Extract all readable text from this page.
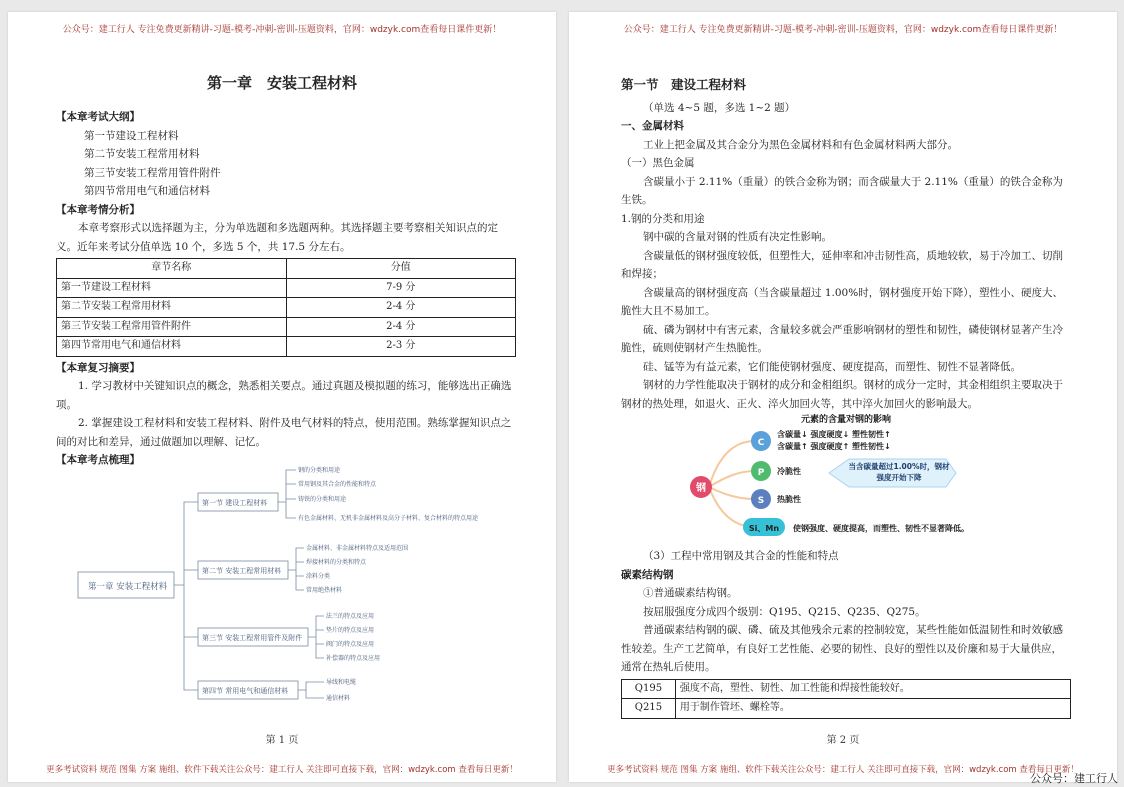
公众号：建工行人 专注免费更新精讲-习题-模考-冲刺-密训-压题资料，官网：wdzyk.com查看每日课件更新！
第一章　安装工程材料
【本章考试大纲】
第一节建设工程材料
第二节安装工程常用材料
第三节安装工程常用管件附件
第四节常用电气和通信材料
【本章考情分析】
本章考察形式以选择题为主，分为单选题和多选题两种。其选择题主要考察相关知识点的定义。近年来考试分值单选 10 个，多选 5 个，共 17.5 分左右。
章节名称	分值
第一节建设工程材料	7-9 分
第二节安装工程常用材料	2-4 分
第三节安装工程常用管件附件	2-4 分
第四节常用电气和通信材料	2-3 分
【本章复习摘要】
1. 学习教材中关键知识点的概念，熟悉相关要点。通过真题及模拟题的练习，能够选出正确选项。
2. 掌握建设工程材料和安装工程材料、附件及电气材料的特点，使用范围。熟练掌握知识点之间的对比和差异，通过做题加以理解、记忆。
【本章考点梳理】
第一章 安装工程材料
第一节 建设工程材料
钢的分类和用途
常用钢及其合金的性能和特点
铸铁的分类和用途
有色金属材料、无机非金属材料及高分子材料、复合材料的特点用途
第二节 安装工程常用材料
金属材料、非金属材料特点及适用范围
焊接材料的分类和特点
涂料分类
常用绝热材料
第三节 安装工程常用管件及附件
法兰的特点及应用
垫片的特点及应用
阀门的特点及应用
补偿器的特点及应用
第四节 常用电气和通信材料
导线和电缆
通信材料
第 1 页
更多考试资料 规范 图集 方案 施组、软件下载关注公众号：建工行人 关注即可直接下载，官网：wdzyk.com 查看每日更新！
公众号：建工行人 专注免费更新精讲-习题-模考-冲刺-密训-压题资料，官网：wdzyk.com查看每日课件更新！
第一节　建设工程材料
（单选 4~5 题，多选 1~2 题）
一、金属材料
工业上把金属及其合金分为黑色金属材料和有色金属材料两大部分。
（一）黑色金属
含碳量小于 2.11%（重量）的铁合金称为钢；而含碳量大于 2.11%（重量）的铁合金称为生铁。
1.钢的分类和用途
钢中碳的含量对钢的性质有决定性影响。
含碳量低的钢材强度较低，但塑性大，延伸率和冲击韧性高，质地较软，易于冷加工、切削和焊接；
含碳量高的钢材强度高（当含碳量超过 1.00%时，钢材强度开始下降），塑性小、硬度大、脆性大且不易加工。
硫、磷为钢材中有害元素，含量较多就会严重影响钢材的塑性和韧性，磷使钢材显著产生冷脆性，硫则使钢材产生热脆性。
硅、锰等为有益元素，它们能使钢材强度、硬度提高，而塑性、韧性不显著降低。
钢材的力学性能取决于钢材的成分和金相组织。钢材的成分一定时，其金相组织主要取决于钢材的热处理，如退火、正火、淬火加回火等，其中淬火加回火的影响最大。
元素的含量对钢的影响
钢
C
P
S
Si、Mn
含碳量↓ 强度硬度↓ 塑性韧性↑
含碳量↑ 强度硬度↑ 塑性韧性↓
冷脆性
热脆性
使钢强度、硬度提高，而塑性、韧性不显著降低。
当含碳量超过1.00%时，钢材强度开始下降
（3）工程中常用钢及其合金的性能和特点
碳素结构钢
①普通碳素结构钢。
按屈服强度分成四个级别：Q195、Q215、Q235、Q275。
普通碳素结构钢的碳、磷、硫及其他残余元素的控制较宽，某些性能如低温韧性和时效敏感性较差。生产工艺简单，有良好工艺性能、必要的韧性、良好的塑性以及价廉和易于大量供应，通常在热轧后使用。
Q195	强度不高，塑性、韧性、加工性能和焊接性能较好。
Q215	用于制作管坯、螺栓等。
第 2 页
更多考试资料 规范 图集 方案 施组、软件下载关注公众号：建工行人 关注即可直接下载，官网：wdzyk.com 查看每日更新！
公众号：建工行人
